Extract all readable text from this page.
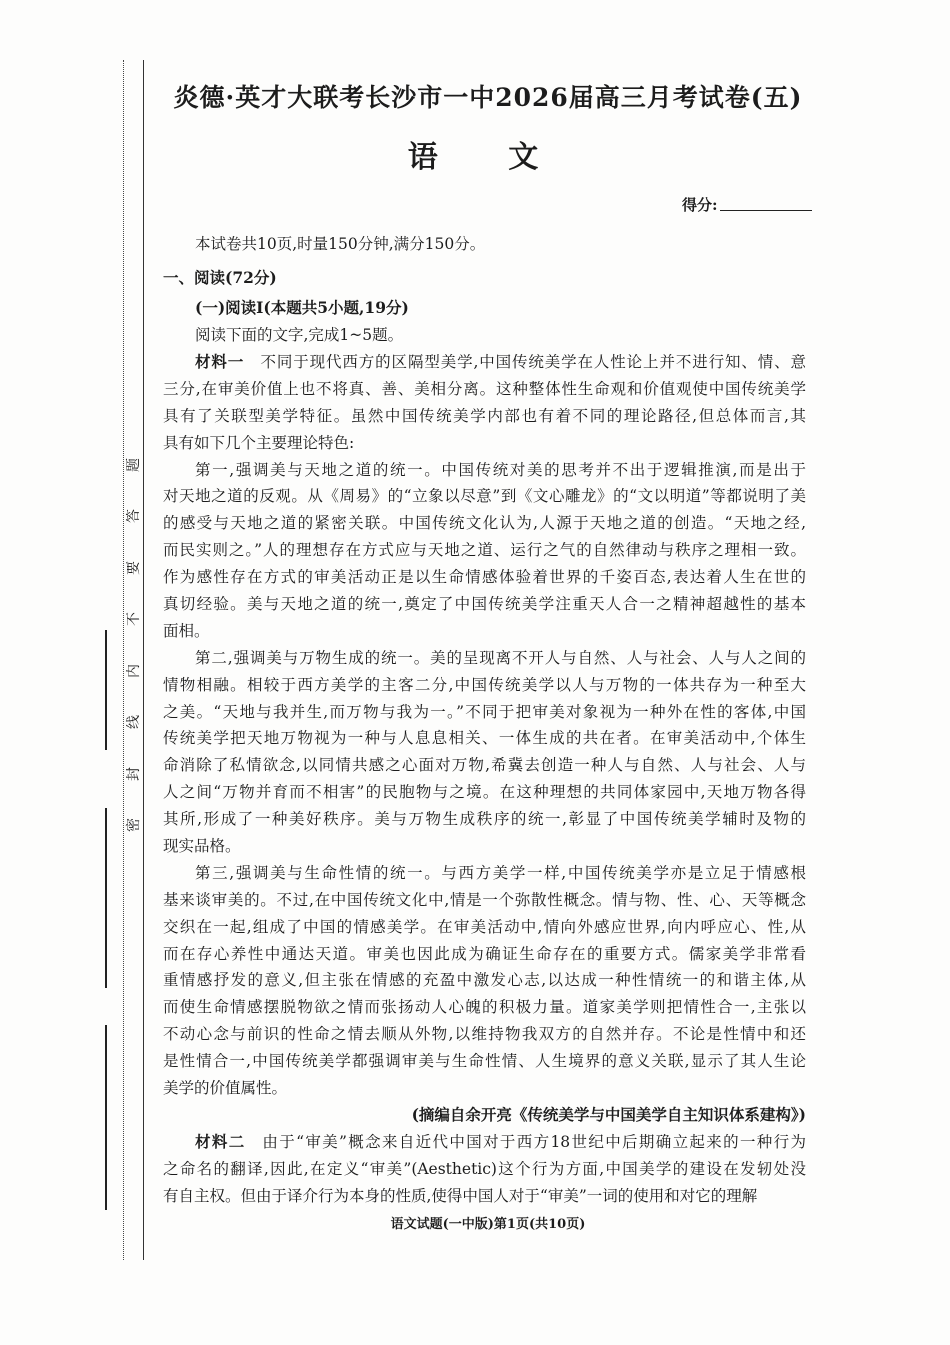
密
封
线
内
不
要
答
题
炎德·英才大联考长沙市一中2026届高三月考试卷(五)
语 文
得分:
本试卷共10页,时量150分钟,满分150分。
一、阅读(72分)
(一)阅读Ⅰ(本题共5小题,19分)
阅读下面的文字,完成1~5题。
材料一　不同于现代西方的区隔型美学,中国传统美学在人性论上并不进行知、情、意
三分,在审美价值上也不将真、善、美相分离。这种整体性生命观和价值观使中国传统美学
具有了关联型美学特征。虽然中国传统美学内部也有着不同的理论路径,但总体而言,其
具有如下几个主要理论特色:
第一,强调美与天地之道的统一。中国传统对美的思考并不出于逻辑推演,而是出于
对天地之道的反观。从《周易》的“立象以尽意”到《文心雕龙》的“文以明道”等都说明了美
的感受与天地之道的紧密关联。中国传统文化认为,人源于天地之道的创造。“天地之经,
而民实则之。”人的理想存在方式应与天地之道、运行之气的自然律动与秩序之理相一致。
作为感性存在方式的审美活动正是以生命情感体验着世界的千姿百态,表达着人生在世的
真切经验。美与天地之道的统一,奠定了中国传统美学注重天人合一之精神超越性的基本
面相。
第二,强调美与万物生成的统一。美的呈现离不开人与自然、人与社会、人与人之间的
情物相融。相较于西方美学的主客二分,中国传统美学以人与万物的一体共存为一种至大
之美。“天地与我并生,而万物与我为一。”不同于把审美对象视为一种外在性的客体,中国
传统美学把天地万物视为一种与人息息相关、一体生成的共在者。在审美活动中,个体生
命消除了私情欲念,以同情共感之心面对万物,希冀去创造一种人与自然、人与社会、人与
人之间“万物并育而不相害”的民胞物与之境。在这种理想的共同体家园中,天地万物各得
其所,形成了一种美好秩序。美与万物生成秩序的统一,彰显了中国传统美学辅时及物的
现实品格。
第三,强调美与生命性情的统一。与西方美学一样,中国传统美学亦是立足于情感根
基来谈审美的。不过,在中国传统文化中,情是一个弥散性概念。情与物、性、心、天等概念
交织在一起,组成了中国的情感美学。在审美活动中,情向外感应世界,向内呼应心、性,从
而在存心养性中通达天道。审美也因此成为确证生命存在的重要方式。儒家美学非常看
重情感抒发的意义,但主张在情感的充盈中激发心志,以达成一种性情统一的和谐主体,从
而使生命情感摆脱物欲之情而张扬动人心魄的积极力量。道家美学则把情性合一,主张以
不动心念与前识的性命之情去顺从外物,以维持物我双方的自然并存。不论是性情中和还
是性情合一,中国传统美学都强调审美与生命性情、人生境界的意义关联,显示了其人生论
美学的价值属性。
(摘编自余开亮《传统美学与中国美学自主知识体系建构》)
材料二　由于“审美”概念来自近代中国对于西方18世纪中后期确立起来的一种行为
之命名的翻译,因此,在定义“审美”(Aesthetic)这个行为方面,中国美学的建设在发轫处没
有自主权。但由于译介行为本身的性质,使得中国人对于“审美”一词的使用和对它的理解
语文试题(一中版)第1页(共10页)
